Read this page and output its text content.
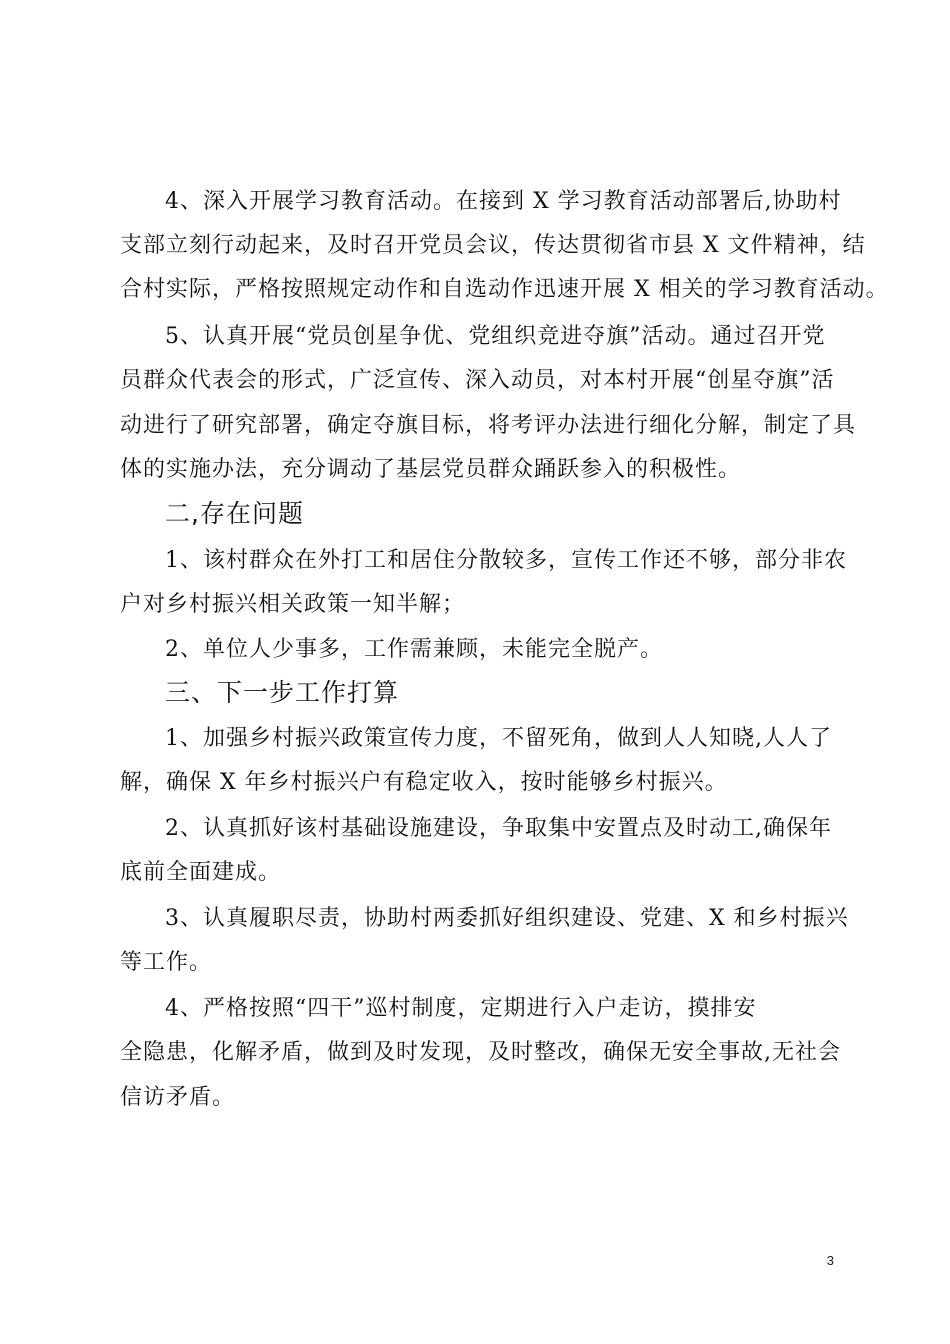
4、深入开展学习教育活动。在接到 X 学习教育活动部署后,协助村
支部立刻行动起来，及时召开党员会议，传达贯彻省市县 X 文件精神，结
合村实际，严格按照规定动作和自选动作迅速开展 X 相关的学习教育活动。
5、认真开展“党员创星争优、党组织竞进夺旗”活动。通过召开党
员群众代表会的形式，广泛宣传、深入动员，对本村开展“创星夺旗”活
动进行了研究部署，确定夺旗目标，将考评办法进行细化分解，制定了具
体的实施办法，充分调动了基层党员群众踊跃参入的积极性。
二,存在问题
1、该村群众在外打工和居住分散较多，宣传工作还不够，部分非农
户对乡村振兴相关政策一知半解；
2、单位人少事多，工作需兼顾，未能完全脱产。
三、下一步工作打算
1、加强乡村振兴政策宣传力度，不留死角，做到人人知晓,人人了
解，确保 X 年乡村振兴户有稳定收入，按时能够乡村振兴。
2、认真抓好该村基础设施建设，争取集中安置点及时动工,确保年
底前全面建成。
3、认真履职尽责，协助村两委抓好组织建设、党建、X 和乡村振兴
等工作。
4、严格按照“四干”巡村制度，定期进行入户走访，摸排安
全隐患，化解矛盾，做到及时发现，及时整改，确保无安全事故,无社会
信访矛盾。
3
